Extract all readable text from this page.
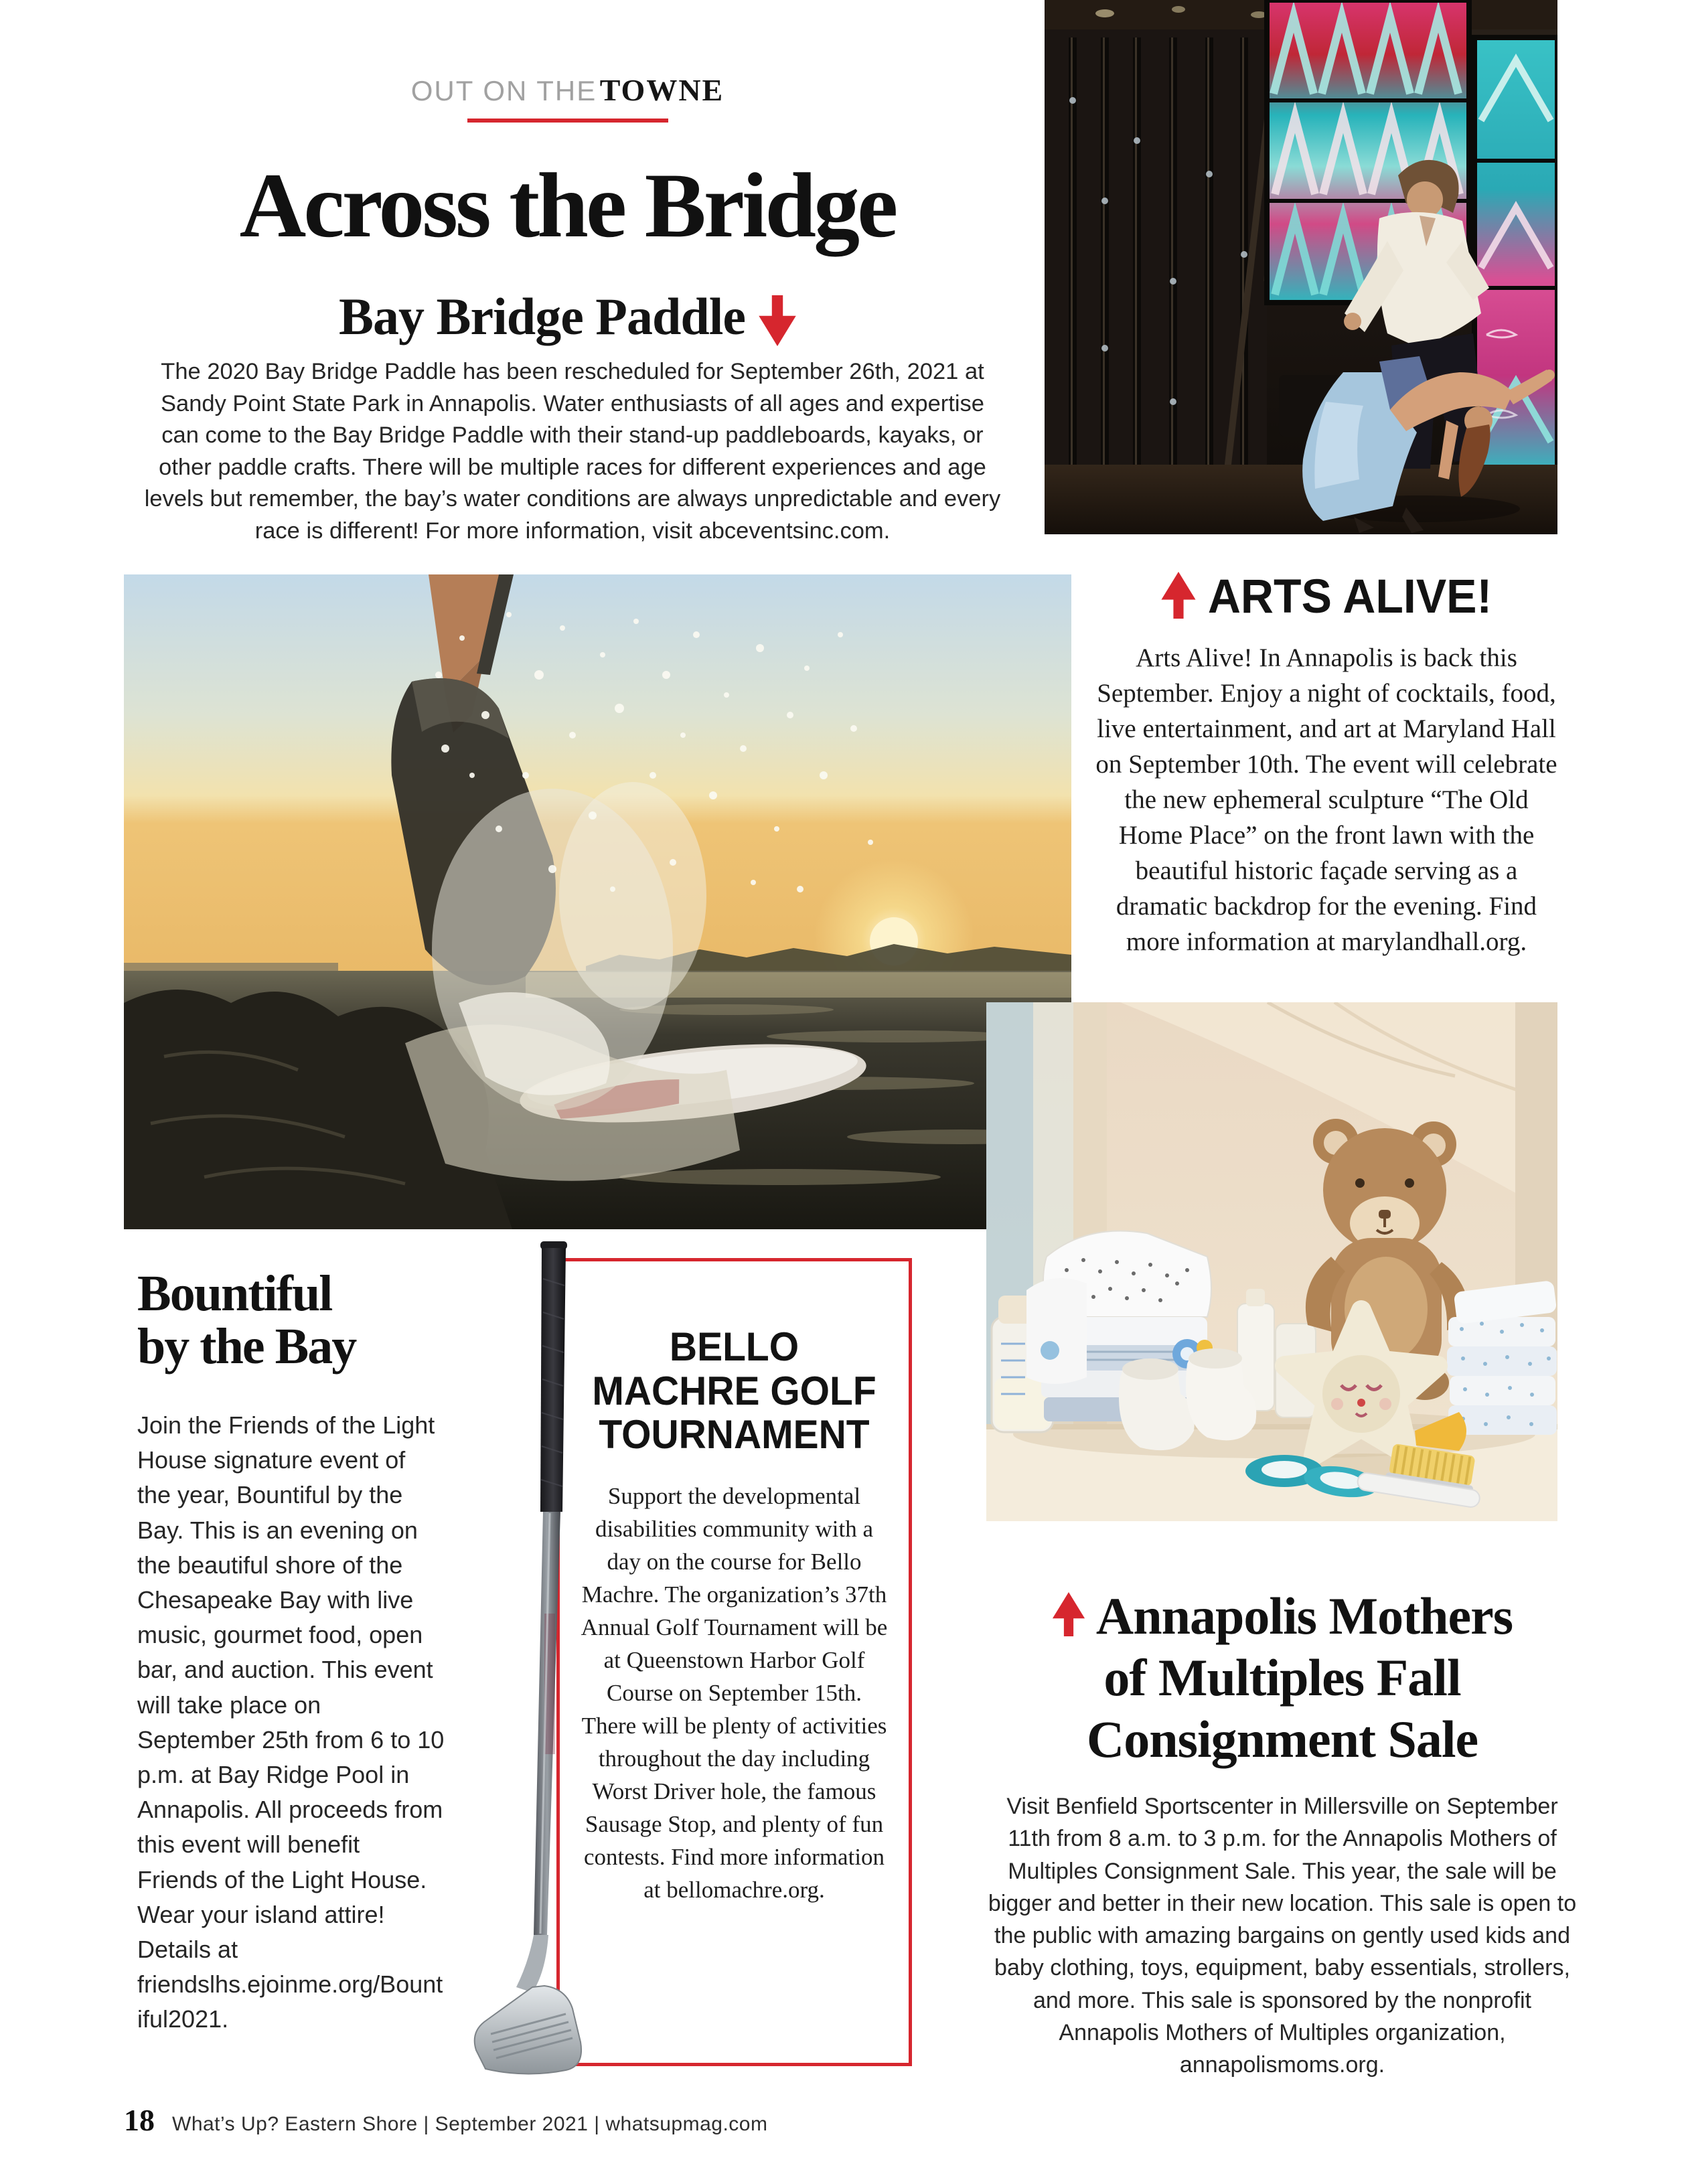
OUT ON THE TOWNE
Across the Bridge
Bay Bridge Paddle

The 2020 Bay Bridge Paddle has been rescheduled for September 26th, 2021 at Sandy Point State Park in Annapolis. Water enthusiasts of all ages and expertise can come to the Bay Bridge Paddle with their stand-up paddleboards, kayaks, or other paddle crafts. There will be multiple races for different experiences and age levels but remember, the bay’s water conditions are always unpredictable and every race is different! For more information, visit abceventsinc.com.

ARTS ALIVE!

Arts Alive! In Annapolis is back this September. Enjoy a night of cocktails, food, live entertainment, and art at Maryland Hall on September 10th. The event will celebrate the new ephemeral sculpture “The Old Home Place” on the front lawn with the beautiful historic façade serving as a dramatic backdrop for the evening. Find more information at marylandhall.org.

Bountiful
by the Bay

Join the Friends of the Light House signature event of the year, Bountiful by the Bay. This is an evening on the beautiful shore of the Chesapeake Bay with live music, gourmet food, open bar, and auction. This event will take place on September 25th from 6 to 10 p.m. at Bay Ridge Pool in Annapolis. All proceeds from this event will benefit Friends of the Light House. Wear your island attire! Details at friendslhs.ejoinme.org/Bountiful2021.

BELLO
MACHRE GOLF
TOURNAMENT

Support the developmental disabilities community with a day on the course for Bello Machre. The organization’s 37th Annual Golf Tournament will be at Queenstown Harbor Golf Course on September 15th. There will be plenty of activities throughout the day including Worst Driver hole, the famous Sausage Stop, and plenty of fun contests. Find more information at bellomachre.org.

Annapolis Mothers
of Multiples Fall
Consignment Sale

Visit Benfield Sportscenter in Millersville on September 11th from 8 a.m. to 3 p.m. for the Annapolis Mothers of Multiples Consignment Sale. This year, the sale will be bigger and better in their new location. This sale is open to the public with amazing bargains on gently used kids and baby clothing, toys, equipment, baby essentials, strollers, and more. This sale is sponsored by the nonprofit Annapolis Mothers of Multiples organization, annapolismoms.org.

18 What’s Up? Eastern Shore | September 2021 | whatsupmag.com
